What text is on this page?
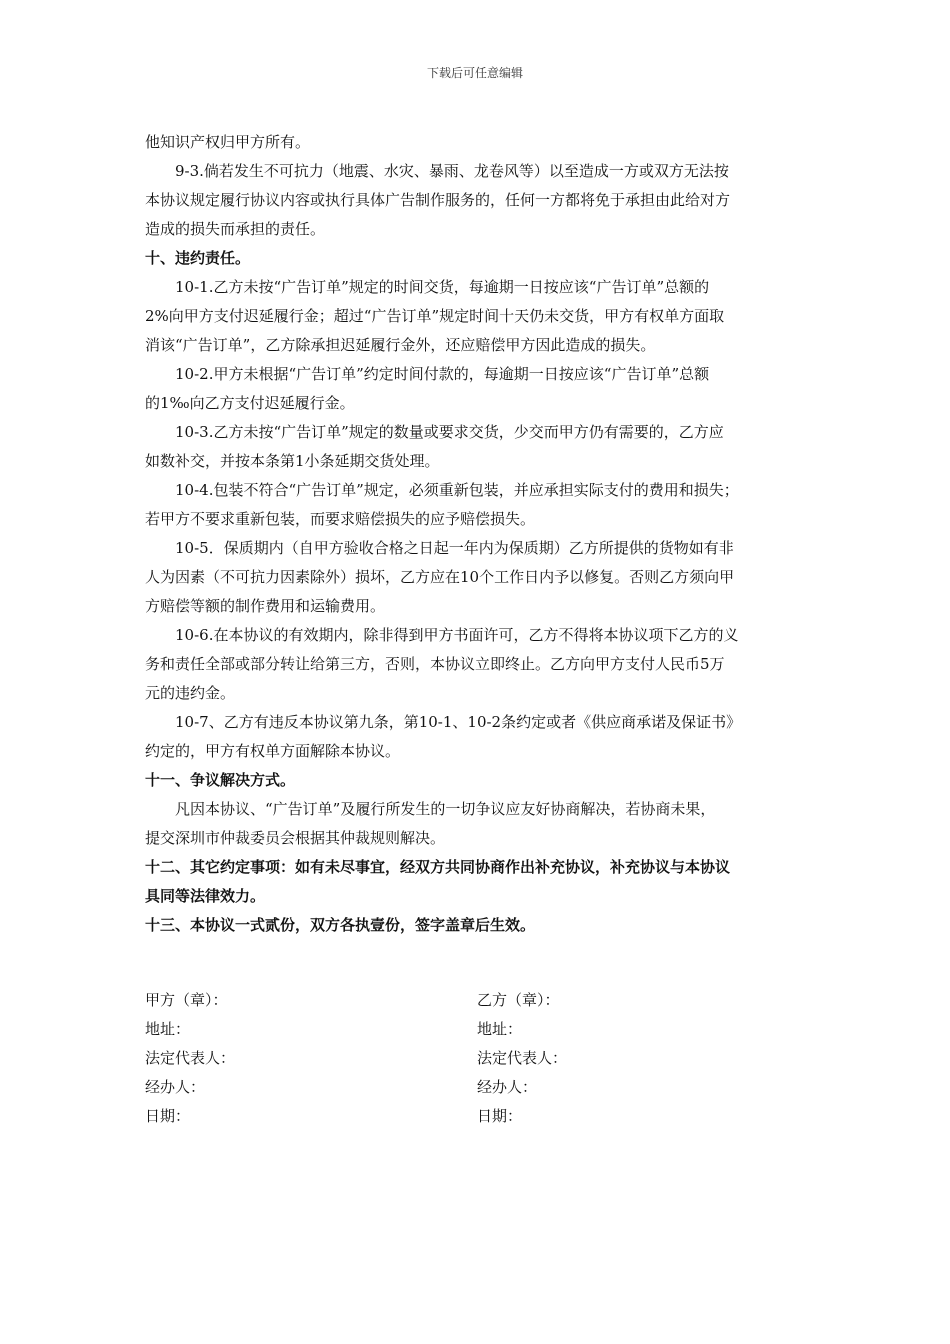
下载后可任意编辑
他知识产权归甲方所有。
9-3.倘若发生不可抗力（地震、水灾、暴雨、龙卷风等）以至造成一方或双方无法按
本协议规定履行协议内容或执行具体广告制作服务的，任何一方都将免于承担由此给对方
造成的损失而承担的责任。
十、违约责任。
10-1.乙方未按“广告订单”规定的时间交货，每逾期一日按应该“广告订单”总额的
2%向甲方支付迟延履行金；超过“广告订单”规定时间十天仍未交货，甲方有权单方面取
消该“广告订单”，乙方除承担迟延履行金外，还应赔偿甲方因此造成的损失。
10-2.甲方未根据“广告订单”约定时间付款的，每逾期一日按应该“广告订单”总额
的1‰向乙方支付迟延履行金。
10-3.乙方未按“广告订单”规定的数量或要求交货，少交而甲方仍有需要的，乙方应
如数补交，并按本条第1小条延期交货处理。
10-4.包装不符合“广告订单”规定，必须重新包装，并应承担实际支付的费用和损失；
若甲方不要求重新包装，而要求赔偿损失的应予赔偿损失。
10-5．保质期内（自甲方验收合格之日起一年内为保质期）乙方所提供的货物如有非
人为因素（不可抗力因素除外）损坏，乙方应在10个工作日内予以修复。否则乙方须向甲
方赔偿等额的制作费用和运输费用。
10-6.在本协议的有效期内，除非得到甲方书面许可，乙方不得将本协议项下乙方的义
务和责任全部或部分转让给第三方，否则，本协议立即终止。乙方向甲方支付人民币5万
元的违约金。
10-7、乙方有违反本协议第九条，第10-1、10-2条约定或者《供应商承诺及保证书》
约定的，甲方有权单方面解除本协议。
十一、争议解决方式。
凡因本协议、“广告订单”及履行所发生的一切争议应友好协商解决，若协商未果，
提交深圳市仲裁委员会根据其仲裁规则解决。
十二、其它约定事项：如有未尽事宜，经双方共同协商作出补充协议，补充协议与本协议
具同等法律效力。
十三、本协议一式贰份，双方各执壹份，签字盖章后生效。
甲方（章）：	乙方（章）：
地址：	地址：
法定代表人：	法定代表人：
经办人：	经办人：
日期：	日期：
